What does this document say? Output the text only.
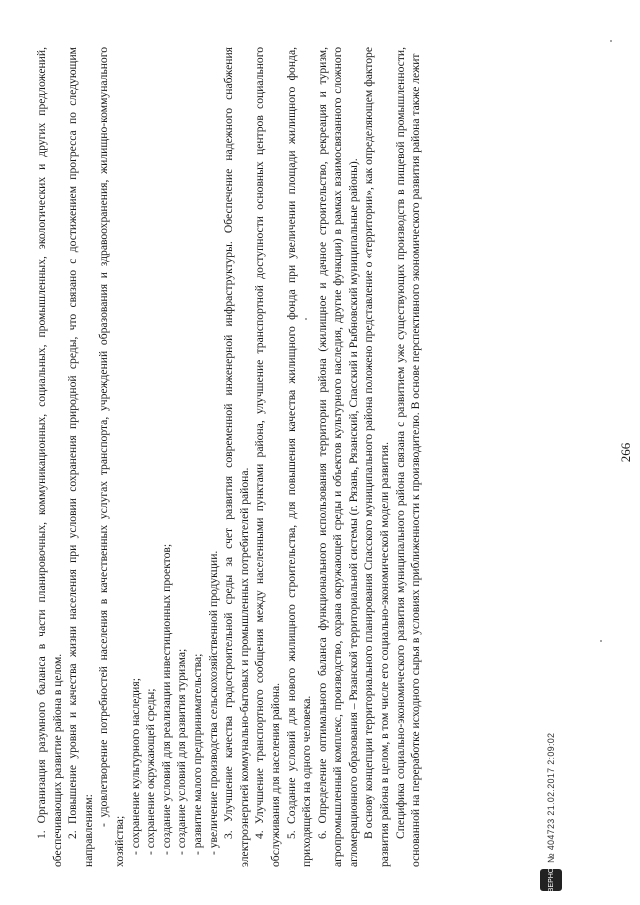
266

1. Организация разумного баланса в части планировочных, коммуникационных, социальных, промышленных, экологических и других предложений, обеспечивающих развитие района в целом. 2. Повышение уровня и качества жизни населения при условии сохранения природной среды, что связано с достижением прогресса по следующим направлениям:

- удовлетворение потребностей населения в качественных услугах транспорта, учреждений образования и здравоохранения, жилищно-коммунального хозяйства; - сохранение культурного наследия; - сохранение окружающей среды; - создание условий для реализации инвестиционных проектов; - создание условий для развития туризма; - развитие малого предпринимательства; - увеличение производства сельскохозяйственной продукции. 3. Улучшение качества градостроительной среды за счет развития современной инженерной инфраструктуры. Обеспечение надежного снабжения электроэнергией коммунально-бытовых и промышленных потребителей района. 4. Улучшение транспортного сообщения между населенными пунктами района, улучшение транспортной доступности основных центров социального обслуживания для населения района. 5. Создание условий для нового жилищного строительства, для повышения качества жилищного фонда при увеличении площади жилищного фонда, приходящейся на одного человека. 6. Определение оптимального баланса функционального использования территории района (жилищное и дачное строительство, рекреация и туризм, агропромышленный комплекс, производство, охрана окружающей среды и объектов культурного наследия, другие функции) в рамках взаимосвязанного сложного агломерационного образования – Рязанской территориальной системы (г. Рязань, Рязанский, Спасский и Рыбновский муниципальные районы). В основу концепции территориального планирования Спасского муниципального района положено представление о «территории», как определяющем факторе развития района в целом, в том числе его социально-экономической модели развития. Специфика социально-экономического развития муниципального района связана с развитием уже существующих производств в пищевой промышленности, основанной на переработке исходного сырья в условиях приближенности к производителю. В основе перспективного экономического развития района также лежит

ВЕРНО
№ 404723 21.02.2017 2:09:02
